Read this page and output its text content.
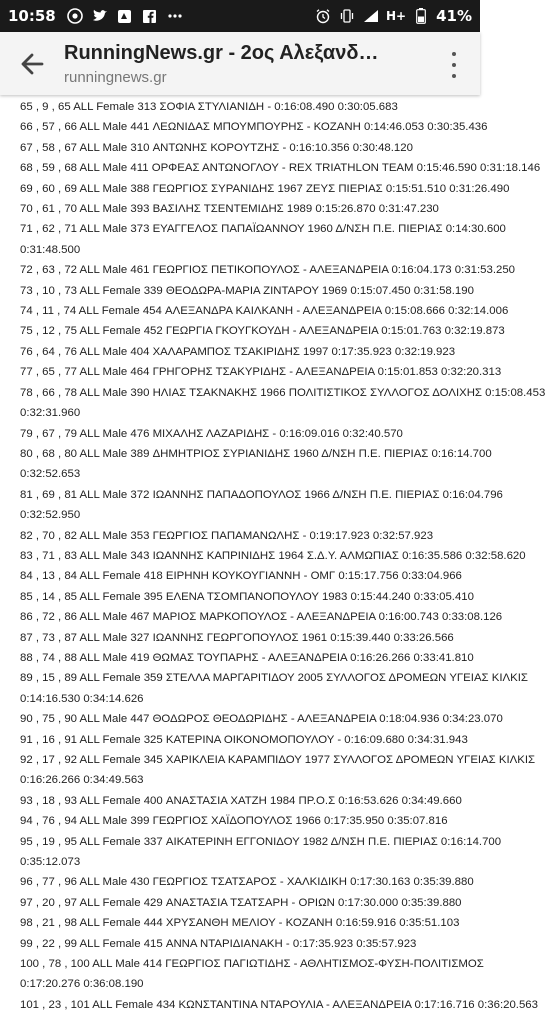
10:58	H+ 41%
RunningNews.gr - 2ος Αλεξανδ…
runningnews.gr
65 , 9 , 65 ALL Female 313 ΣΟΦΙΑ ΣΤΥΛΙΑΝΙΔΗ - 0:16:08.490 0:30:05.683
66 , 57 , 66 ALL Male 441 ΛΕΩΝΙΔΑΣ ΜΠΟΥΜΠΟΥΡΗΣ - ΚΟΖΑΝΗ 0:14:46.053 0:30:35.436
67 , 58 , 67 ALL Male 310 ΑΝΤΩΝΗΣ ΚΟΡΟΥΤΖΗΣ - 0:16:10.356 0:30:48.120
68 , 59 , 68 ALL Male 411 ΟΡΦΕΑΣ ΑΝΤΩΝΟΓΛΟΥ - REX TRIATHLON TEAM 0:15:46.590 0:31:18.146
69 , 60 , 69 ALL Male 388 ΓΕΩΡΓΙΟΣ ΣΥΡΑΝΙΔΗΣ 1967 ΖΕΥΣ ΠΙΕΡΙΑΣ 0:15:51.510 0:31:26.490
70 , 61 , 70 ALL Male 393 ΒΑΣΙΛΗΣ ΤΣΕΝΤΕΜΙΔΗΣ 1989 0:15:26.870 0:31:47.230
71 , 62 , 71 ALL Male 373 ΕΥΑΓΓΕΛΟΣ ΠΑΠΑΪΩΑΝΝΟΥ 1960 Δ/ΝΣΗ Π.Ε. ΠΙΕΡΙΑΣ 0:14:30.600
0:31:48.500
72 , 63 , 72 ALL Male 461 ΓΕΩΡΓΙΟΣ ΠΕΤΙΚΟΠΟΥΛΟΣ - ΑΛΕΞΑΝΔΡΕΙΑ 0:16:04.173 0:31:53.250
73 , 10 , 73 ALL Female 339 ΘΕΟΔΩΡΑ-ΜΑΡΙΑ ΖΙΝΤΑΡΟΥ 1969 0:15:07.450 0:31:58.190
74 , 11 , 74 ALL Female 454 ΑΛΕΞΑΝΔΡΑ ΚΑΙΛΚΑΝΗ - ΑΛΕΞΑΝΔΡΕΙΑ 0:15:08.666 0:32:14.006
75 , 12 , 75 ALL Female 452 ΓΕΩΡΓΙΑ ΓΚΟΥΓΚΟΥΔΗ - ΑΛΕΞΑΝΔΡΕΙΑ 0:15:01.763 0:32:19.873
76 , 64 , 76 ALL Male 404 ΧΑΛΑΡΑΜΠΟΣ ΤΣΑΚΙΡΙΔΗΣ 1997 0:17:35.923 0:32:19.923
77 , 65 , 77 ALL Male 464 ΓΡΗΓΟΡΗΣ ΤΣΑΚΥΡΙΔΗΣ - ΑΛΕΞΑΝΔΡΕΙΑ 0:15:01.853 0:32:20.313
78 , 66 , 78 ALL Male 390 ΗΛΙΑΣ ΤΣΑΚΝΑΚΗΣ 1966 ΠΟΛΙΤΙΣΤΙΚΟΣ ΣΥΛΛΟΓΟΣ ΔΟΛΙΧΗΣ 0:15:08.453
0:32:31.960
79 , 67 , 79 ALL Male 476 ΜΙΧΑΛΗΣ ΛΑΖΑΡΙΔΗΣ - 0:16:09.016 0:32:40.570
80 , 68 , 80 ALL Male 389 ΔΗΜΗΤΡΙΟΣ ΣΥΡΙΑΝΙΔΗΣ 1960 Δ/ΝΣΗ Π.Ε. ΠΙΕΡΙΑΣ 0:16:14.700
0:32:52.653
81 , 69 , 81 ALL Male 372 ΙΩΑΝΝΗΣ ΠΑΠΑΔΟΠΟΥΛΟΣ 1966 Δ/ΝΣΗ Π.Ε. ΠΙΕΡΙΑΣ 0:16:04.796
0:32:52.950
82 , 70 , 82 ALL Male 353 ΓΕΩΡΓΙΟΣ ΠΑΠΑΜΑΝΩΛΗΣ - 0:19:17.923 0:32:57.923
83 , 71 , 83 ALL Male 343 ΙΩΑΝΝΗΣ ΚΑΠΡΙΝΙΔΗΣ 1964 Σ.Δ.Υ. ΑΛΜΩΠΙΑΣ 0:16:35.586 0:32:58.620
84 , 13 , 84 ALL Female 418 ΕΙΡΗΝΗ ΚΟΥΚΟΥΓΙΑΝΝΗ - ΟΜΓ 0:15:17.756 0:33:04.966
85 , 14 , 85 ALL Female 395 ΕΛΕΝΑ ΤΣΟΜΠΑΝΟΠΟΥΛΟΥ 1983 0:15:44.240 0:33:05.410
86 , 72 , 86 ALL Male 467 ΜΑΡΙΟΣ ΜΑΡΚΟΠΟΥΛΟΣ - ΑΛΕΞΑΝΔΡΕΙΑ 0:16:00.743 0:33:08.126
87 , 73 , 87 ALL Male 327 ΙΩΑΝΝΗΣ ΓΕΩΡΓΟΠΟΥΛΟΣ 1961 0:15:39.440 0:33:26.566
88 , 74 , 88 ALL Male 419 ΘΩΜΑΣ ΤΟΥΠΑΡΗΣ - ΑΛΕΞΑΝΔΡΕΙΑ 0:16:26.266 0:33:41.810
89 , 15 , 89 ALL Female 359 ΣΤΕΛΛΑ ΜΑΡΓΑΡΙΤΙΔΟΥ 2005 ΣΥΛΛΟΓΟΣ ΔΡΟΜΕΩΝ ΥΓΕΙΑΣ ΚΙΛΚΙΣ
0:14:16.530 0:34:14.626
90 , 75 , 90 ALL Male 447 ΘΟΔΩΡΟΣ ΘΕΟΔΩΡΙΔΗΣ - ΑΛΕΞΑΝΔΡΕΙΑ 0:18:04.936 0:34:23.070
91 , 16 , 91 ALL Female 325 ΚΑΤΕΡΙΝΑ ΟΙΚΟΝΟΜΟΠΟΥΛΟΥ - 0:16:09.680 0:34:31.943
92 , 17 , 92 ALL Female 345 ΧΑΡΙΚΛΕΙΑ ΚΑΡΑΜΠΙΔΟΥ 1977 ΣΥΛΛΟΓΟΣ ΔΡΟΜΕΩΝ ΥΓΕΙΑΣ ΚΙΛΚΙΣ
0:16:26.266 0:34:49.563
93 , 18 , 93 ALL Female 400 ΑΝΑΣΤΑΣΙΑ ΧΑΤΖΗ 1984 ΠΡ.Ο.Σ 0:16:53.626 0:34:49.660
94 , 76 , 94 ALL Male 399 ΓΕΩΡΓΙΟΣ ΧΑΪΔΟΠΟΥΛΟΣ 1966 0:17:35.950 0:35:07.816
95 , 19 , 95 ALL Female 337 ΑΙΚΑΤΕΡΙΝΗ ΕΓΓΟΝΙΔΟΥ 1982 Δ/ΝΣΗ Π.Ε. ΠΙΕΡΙΑΣ 0:16:14.700
0:35:12.073
96 , 77 , 96 ALL Male 430 ΓΕΩΡΓΙΟΣ ΤΣΑΤΣΑΡΟΣ - ΧΑΛΚΙΔΙΚΗ 0:17:30.163 0:35:39.880
97 , 20 , 97 ALL Female 429 ΑΝΑΣΤΑΣΙΑ ΤΣΑΤΣΑΡΗ - ΟΡΙΩΝ 0:17:30.000 0:35:39.880
98 , 21 , 98 ALL Female 444 ΧΡΥΣΑΝΘΗ ΜΕΛΙΟΥ - ΚΟΖΑΝΗ 0:16:59.916 0:35:51.103
99 , 22 , 99 ALL Female 415 ΑΝΝΑ ΝΤΑΡΙΔΙΑΝΑΚΗ - 0:17:35.923 0:35:57.923
100 , 78 , 100 ALL Male 414 ΓΕΩΡΓΙΟΣ ΠΑΓΙΩΤΙΔΗΣ - ΑΘΛΗΤΙΣΜΟΣ-ΦΥΣΗ-ΠΟΛΙΤΙΣΜΟΣ
0:17:20.276 0:36:08.190
101 , 23 , 101 ALL Female 434 ΚΩΝΣΤΑΝΤΙΝΑ ΝΤΑΡΟΥΛΙΑ - ΑΛΕΞΑΝΔΡΕΙΑ 0:17:16.716 0:36:20.563
